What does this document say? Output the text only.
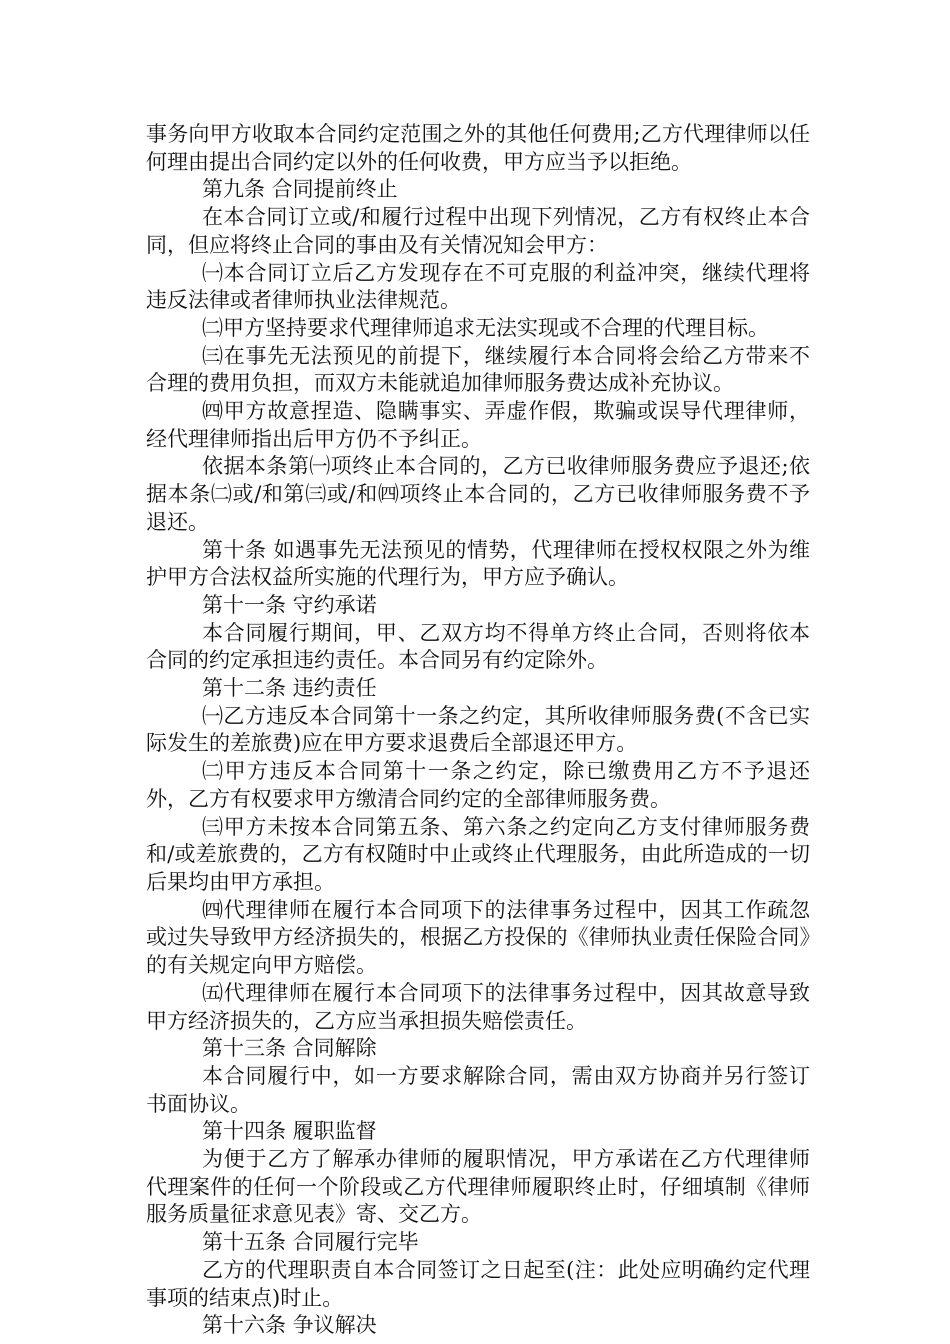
事务向甲方收取本合同约定范围之外的其他任何费用;乙方代理律师以任何理由提出合同约定以外的任何收费，甲方应当予以拒绝。

第九条 合同提前终止

在本合同订立或/和履行过程中出现下列情况，乙方有权终止本合同，但应将终止合同的事由及有关情况知会甲方：

㈠本合同订立后乙方发现存在不可克服的利益冲突，继续代理将违反法律或者律师执业法律规范。

㈡甲方坚持要求代理律师追求无法实现或不合理的代理目标。

㈢在事先无法预见的前提下，继续履行本合同将会给乙方带来不合理的费用负担，而双方未能就追加律师服务费达成补充协议。

㈣甲方故意捏造、隐瞒事实、弄虚作假，欺骗或误导代理律师，经代理律师指出后甲方仍不予纠正。

依据本条第㈠项终止本合同的，乙方已收律师服务费应予退还;依据本条㈡或/和第㈢或/和㈣项终止本合同的，乙方已收律师服务费不予退还。

第十条 如遇事先无法预见的情势，代理律师在授权权限之外为维护甲方合法权益所实施的代理行为，甲方应予确认。

第十一条 守约承诺

本合同履行期间，甲、乙双方均不得单方终止合同，否则将依本合同的约定承担违约责任。本合同另有约定除外。

第十二条 违约责任

㈠乙方违反本合同第十一条之约定，其所收律师服务费(不含已实际发生的差旅费)应在甲方要求退费后全部退还甲方。

㈡甲方违反本合同第十一条之约定，除已缴费用乙方不予退还外，乙方有权要求甲方缴清合同约定的全部律师服务费。

㈢甲方未按本合同第五条、第六条之约定向乙方支付律师服务费和/或差旅费的，乙方有权随时中止或终止代理服务，由此所造成的一切后果均由甲方承担。

㈣代理律师在履行本合同项下的法律事务过程中，因其工作疏忽或过失导致甲方经济损失的，根据乙方投保的《律师执业责任保险合同》的有关规定向甲方赔偿。

㈤代理律师在履行本合同项下的法律事务过程中，因其故意导致甲方经济损失的，乙方应当承担损失赔偿责任。

第十三条 合同解除

本合同履行中，如一方要求解除合同，需由双方协商并另行签订书面协议。

第十四条 履职监督

为便于乙方了解承办律师的履职情况，甲方承诺在乙方代理律师代理案件的任何一个阶段或乙方代理律师履职终止时，仔细填制《律师服务质量征求意见表》寄、交乙方。

第十五条 合同履行完毕

乙方的代理职责自本合同签订之日起至(注：此处应明确约定代理事项的结束点)时止。

第十六条 争议解决
